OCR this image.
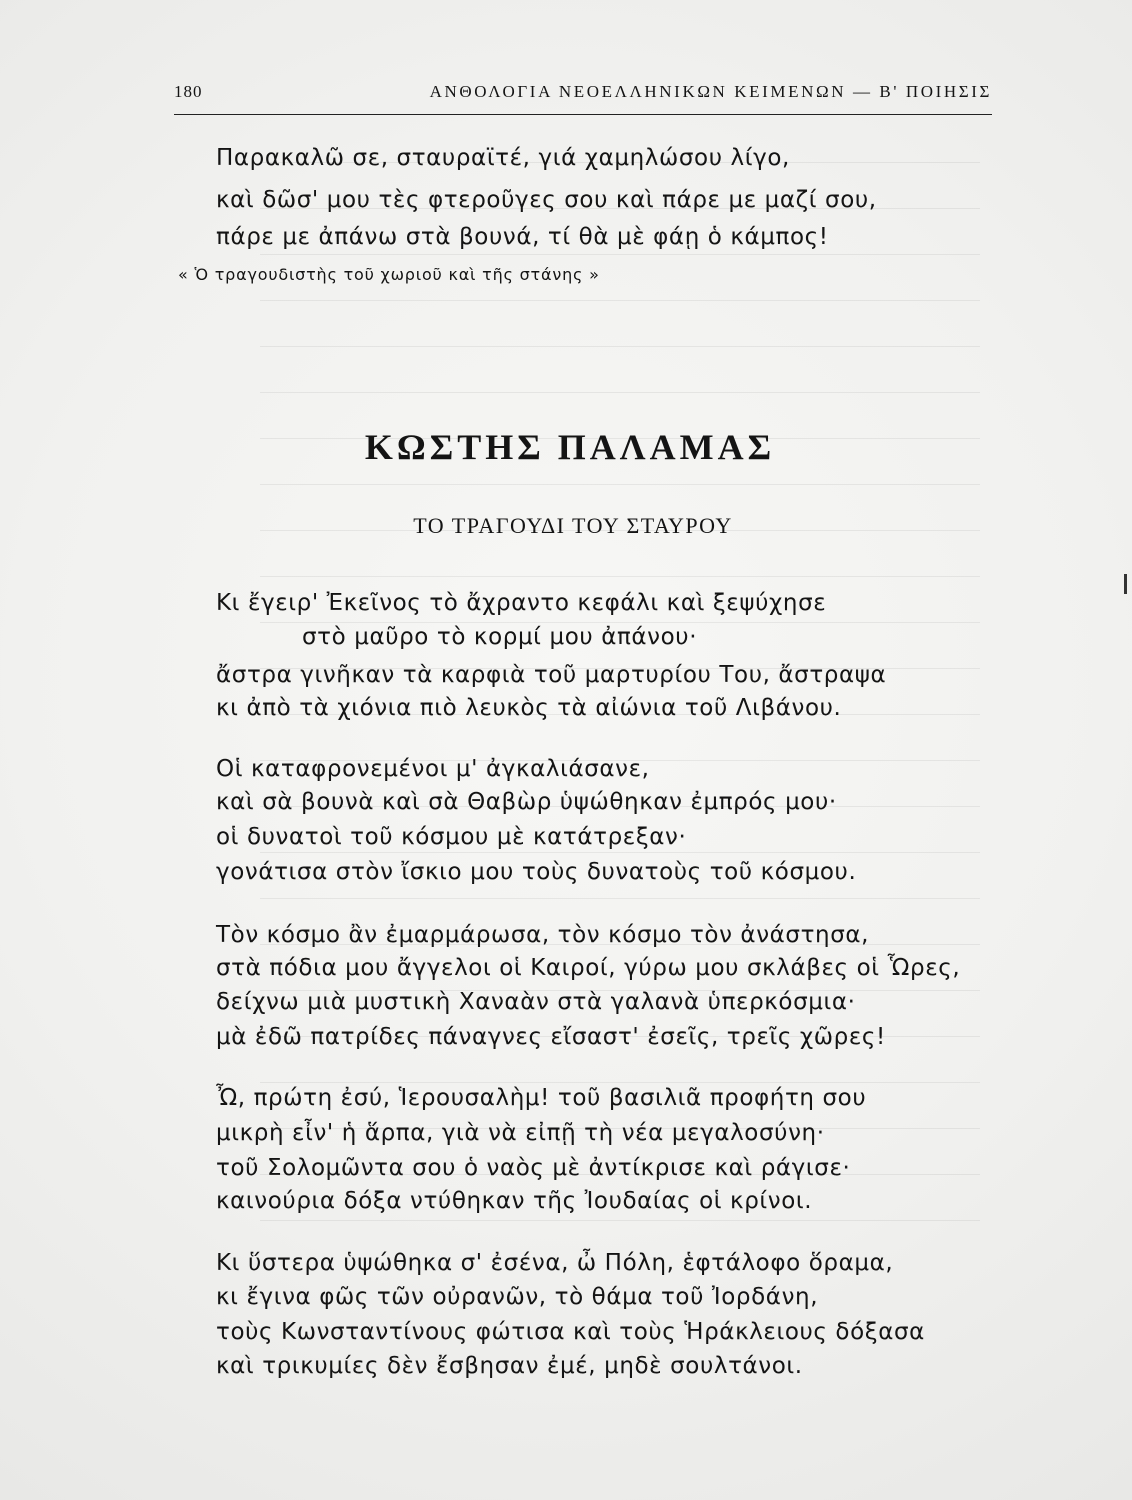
180	ΑΝΘΟΛΟΓΙΑ ΝΕΟΕΛΛΗΝΙΚΩΝ ΚΕΙΜΕΝΩΝ — Β' ΠΟΙΗΣΙΣ
Παρακαλῶ σε, σταυραϊτέ, γιά χαμηλώσου λίγο,
καὶ δῶσ' μου τὲς φτεροῦγες σου καὶ πάρε με μαζί σου,
πάρε με ἀπάνω στὰ βουνά, τί θὰ μὲ φάῃ ὁ κάμπος!
« Ὁ τραγουδιστὴς τοῦ χωριοῦ καὶ τῆς στάνης »
ΚΩΣΤΗΣ ΠΑΛΑΜΑΣ
ΤΟ ΤΡΑΓΟΥΔΙ ΤΟΥ ΣΤΑΥΡΟΥ
Κι ἔγειρ' Ἐκεῖνος τὸ ἄχραντο κεφάλι καὶ ξεψύχησε
στὸ μαῦρο τὸ κορμί μου ἀπάνου·
ἄστρα γινῆκαν τὰ καρφιὰ τοῦ μαρτυρίου Του, ἄστραψα
κι ἀπὸ τὰ χιόνια πιὸ λευκὸς τὰ αἰώνια τοῦ Λιβάνου.
Οἱ καταφρονεμένοι μ' ἀγκαλιάσανε,
καὶ σὰ βουνὰ καὶ σὰ Θαβὼρ ὑψώθηκαν ἐμπρός μου·
οἱ δυνατοὶ τοῦ κόσμου μὲ κατάτρεξαν·
γονάτισα στὸν ἴσκιο μου τοὺς δυνατοὺς τοῦ κόσμου.
Τὸν κόσμο ἂν ἐμαρμάρωσα, τὸν κόσμο τὸν ἀνάστησα,
στὰ πόδια μου ἄγγελοι οἱ Καιροί, γύρω μου σκλάβες οἱ Ὧρες,
δείχνω μιὰ μυστικὴ Χαναὰν στὰ γαλανὰ ὑπερκόσμια·
μὰ ἐδῶ πατρίδες πάναγνες εἴσαστ' ἐσεῖς, τρεῖς χῶρες!
Ὦ, πρώτη ἐσύ, Ἱερουσαλὴμ! τοῦ βασιλιᾶ προφήτη σου
μικρὴ εἶν' ἡ ἅρπα, γιὰ νὰ εἰπῇ τὴ νέα μεγαλοσύνη·
τοῦ Σολομῶντα σου ὁ ναὸς μὲ ἀντίκρισε καὶ ράγισε·
καινούρια δόξα ντύθηκαν τῆς Ἰουδαίας οἱ κρίνοι.
Κι ὕστερα ὑψώθηκα σ' ἐσένα, ὦ Πόλη, ἑφτάλοφο ὅραμα,
κι ἔγινα φῶς τῶν οὐρανῶν, τὸ θάμα τοῦ Ἰορδάνη,
τοὺς Κωνσταντίνους φώτισα καὶ τοὺς Ἡράκλειους δόξασα
καὶ τρικυμίες δὲν ἔσβησαν ἐμέ, μηδὲ σουλτάνοι.
